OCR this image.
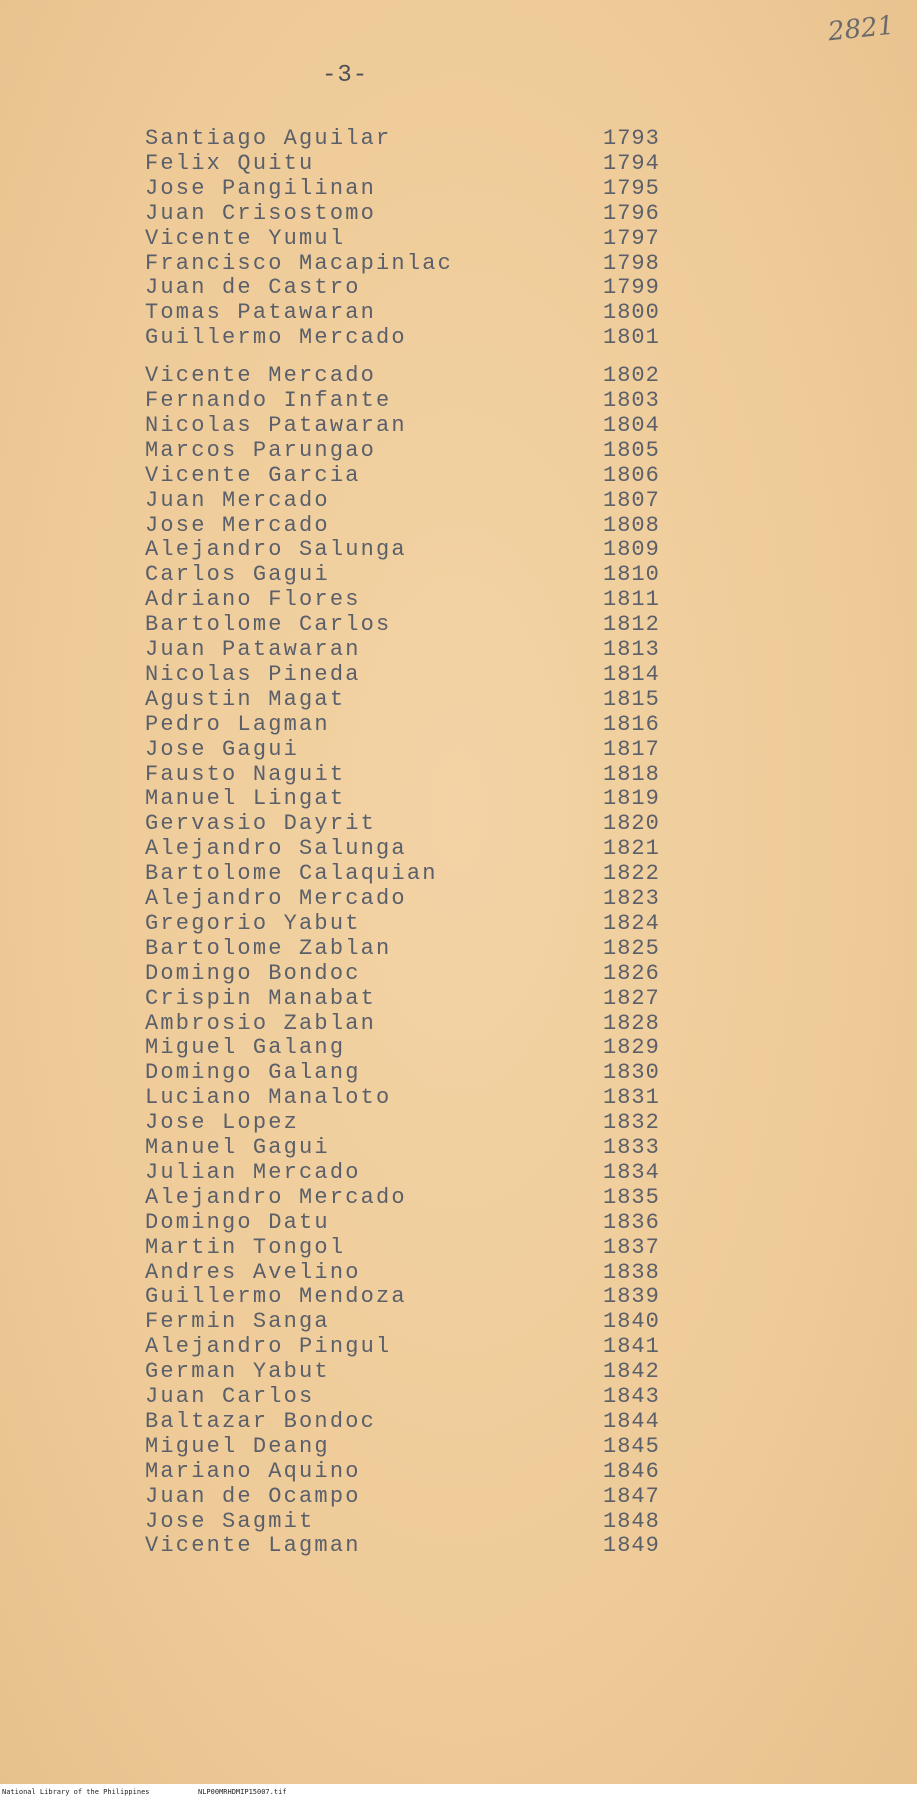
2821
-3-
Santiago Aguilar	1793
Felix Quitu	1794
Jose Pangilinan	1795
Juan Crisostomo	1796
Vicente Yumul	1797
Francisco Macapinlac	1798
Juan de Castro	1799
Tomas Patawaran	1800
Guillermo Mercado	1801
Vicente Mercado	1802
Fernando Infante	1803
Nicolas Patawaran	1804
Marcos Parungao	1805
Vicente Garcia	1806
Juan Mercado	1807
Jose Mercado	1808
Alejandro Salunga	1809
Carlos Gagui	1810
Adriano Flores	1811
Bartolome Carlos	1812
Juan Patawaran	1813
Nicolas Pineda	1814
Agustin Magat	1815
Pedro Lagman	1816
Jose Gagui	1817
Fausto Naguit	1818
Manuel Lingat	1819
Gervasio Dayrit	1820
Alejandro Salunga	1821
Bartolome Calaquian	1822
Alejandro Mercado	1823
Gregorio Yabut	1824
Bartolome Zablan	1825
Domingo Bondoc	1826
Crispin Manabat	1827
Ambrosio Zablan	1828
Miguel Galang	1829
Domingo Galang	1830
Luciano Manaloto	1831
Jose Lopez	1832
Manuel Gagui	1833
Julian Mercado	1834
Alejandro Mercado	1835
Domingo Datu	1836
Martin Tongol	1837
Andres Avelino	1838
Guillermo Mendoza	1839
Fermin Sanga	1840
Alejandro Pingul	1841
German Yabut	1842
Juan Carlos	1843
Baltazar Bondoc	1844
Miguel Deang	1845
Mariano Aquino	1846
Juan de Ocampo	1847
Jose Sagmit	1848
Vicente Lagman	1849
National Library of the Philippines	NLP00MRHDMIP15007.tif
